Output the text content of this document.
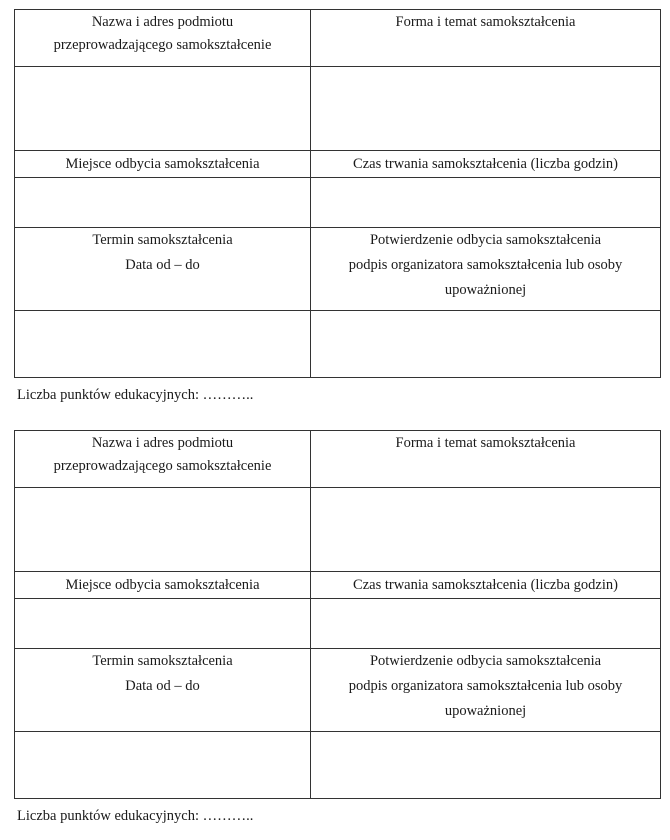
Nazwa i adres podmiotu
przeprowadzającego samokształcenie	Forma i temat samokształcenia

Miejsce odbycia samokształcenia	Czas trwania samokształcenia (liczba godzin)

Termin samokształcenia
Data od – do	Potwierdzenie odbycia samokształcenia
podpis organizatora samokształcenia lub osoby
upoważnionej

Liczba punktów edukacyjnych: ………..
Nazwa i adres podmiotu
przeprowadzającego samokształcenie	Forma i temat samokształcenia

Miejsce odbycia samokształcenia	Czas trwania samokształcenia (liczba godzin)

Termin samokształcenia
Data od – do	Potwierdzenie odbycia samokształcenia
podpis organizatora samokształcenia lub osoby
upoważnionej

Liczba punktów edukacyjnych: ………..
